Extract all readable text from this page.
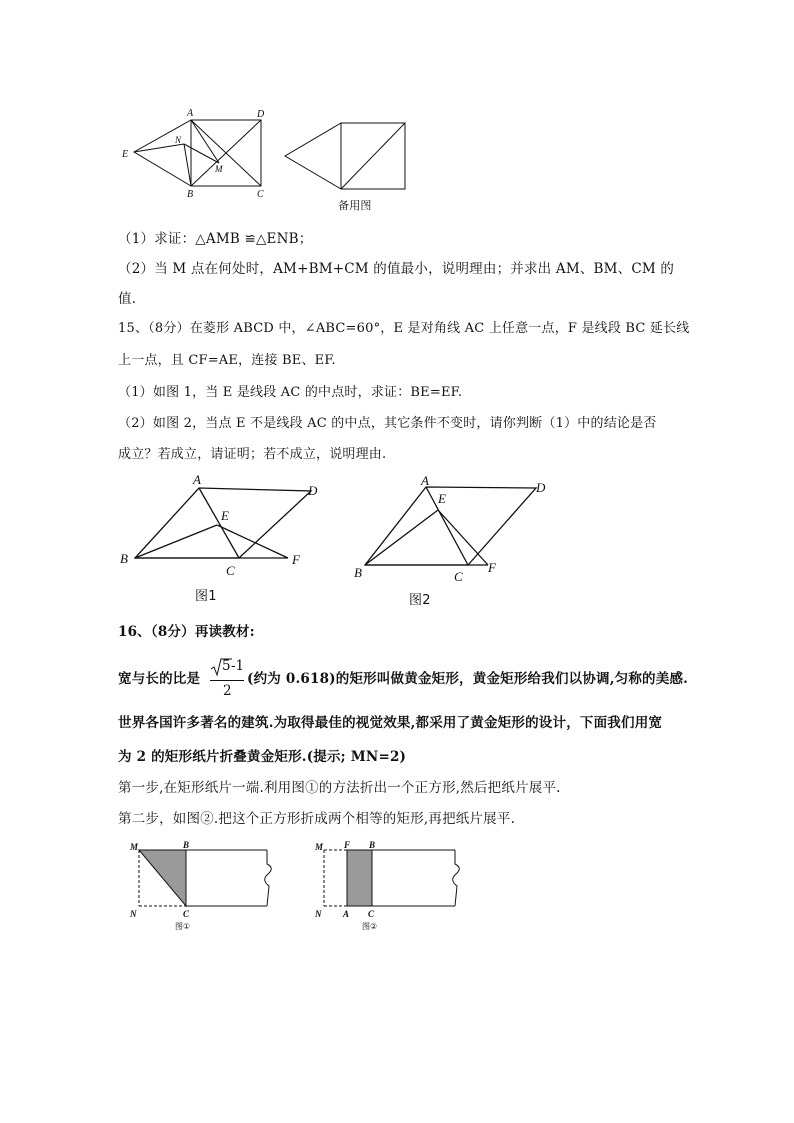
A	D
E
N
M
B	C
备用图
（1）求证：△AMB ≌△ENB；
（2）当 M 点在何处时，AM+BM+CM 的值最小，说明理由；并求出 AM、BM、CM 的
值.
15、（8分）在菱形 ABCD 中，∠ABC=60°，E 是对角线 AC 上任意一点，F 是线段 BC 延长线
上一点，且 CF=AE，连接 BE、EF.
（1）如图 1，当 E 是线段 AC 的中点时，求证：BE=EF.
（2）如图 2，当点 E 不是线段 AC 的中点，其它条件不变时，请你判断（1）中的结论是否
成立？若成立，请证明；若不成立，说明理由.
A
D
E
B
C
F
图1
A	D
E
B	C
F
图2
16、（8分）再读教材:
宽与长的比是
5 -1
2
(约为 0.618)的矩形叫做黄金矩形，黄金矩形给我们以协调,匀称的美感.
世界各国许多著名的建筑.为取得最佳的视觉效果,都采用了黄金矩形的设计，下面我们用宽
为 2 的矩形纸片折叠黄金矩形.(提示; MN=2)
第一步,在矩形纸片一端.利用图①的方法折出一个正方形,然后把纸片展平.
第二步，如图②.把这个正方形折成两个相等的矩形,再把纸片展平.
M	B
N	C
图①
M F B
N A C
图②
